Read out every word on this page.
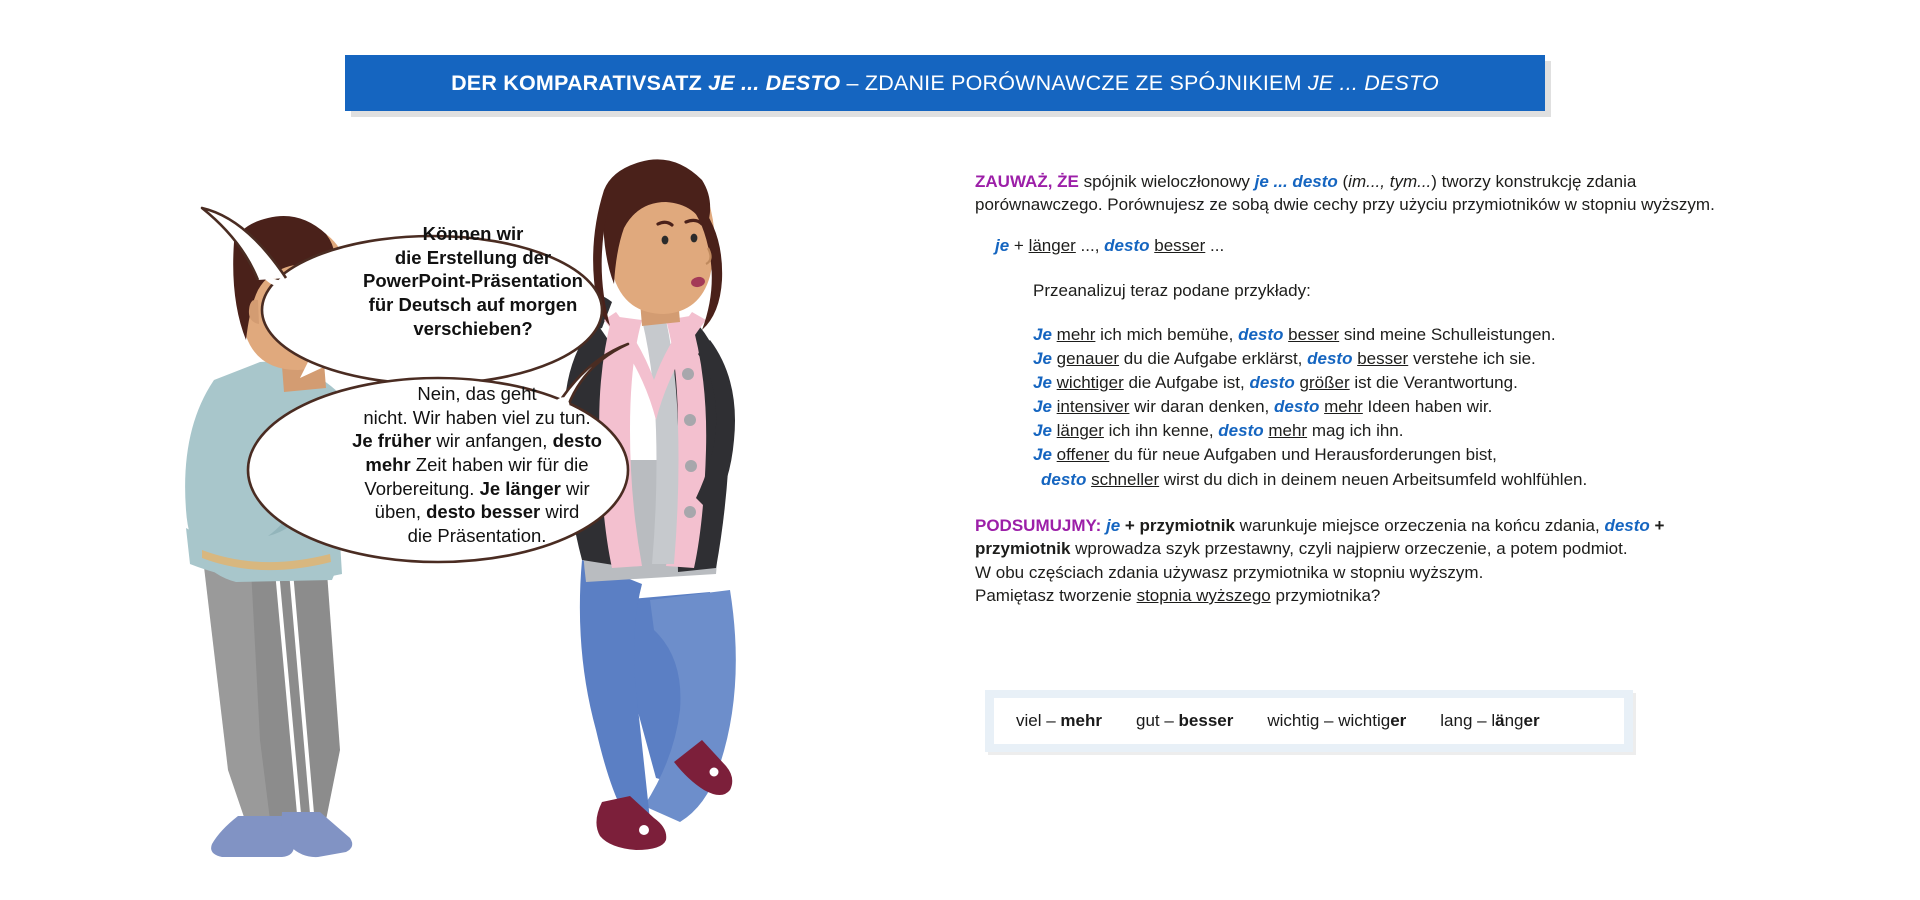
DER KOMPARATIVSATZ JE ... DESTO – ZDANIE PORÓWNAWCZE ZE SPÓJNIKIEM JE ... DESTO
Können wir
die Erstellung der
PowerPoint-Präsentation
für Deutsch auf morgen
verschieben?
Nein, das geht
nicht. Wir haben viel zu tun.
Je früher wir anfangen, desto
mehr Zeit haben wir für die
Vorbereitung. Je länger wir
üben, desto besser wird
die Präsentation.

ZAUWAŻ, ŻE spójnik wieloczłonowy je ... desto (im..., tym...) tworzy konstrukcję zdania porównawczego. Porównujesz ze sobą dwie cechy przy użyciu przymiotników w stopniu wyższym.

je + länger ..., desto besser ...
Przeanalizuj teraz podane przykłady:
Je mehr ich mich bemühe, desto besser sind meine Schulleistungen.
Je genauer du die Aufgabe erklärst, desto besser verstehe ich sie.
Je wichtiger die Aufgabe ist, desto größer ist die Verantwortung.
Je intensiver wir daran denken, desto mehr Ideen haben wir.
Je länger ich ihn kenne, desto mehr mag ich ihn.
Je offener du für neue Aufgaben und Herausforderungen bist,
desto schneller wirst du dich in deinem neuen Arbeitsumfeld wohlfühlen.

PODSUMUJMY: je + przymiotnik warunkuje miejsce orzeczenia na końcu zdania, desto + przymiotnik wprowadza szyk przestawny, czyli najpierw orzeczenie, a potem podmiot.
W obu częściach zdania używasz przymiotnika w stopniu wyższym.
Pamiętasz tworzenie stopnia wyższego przymiotnika?

viel – mehr gut – besser wichtig – wichtiger lang – länger
